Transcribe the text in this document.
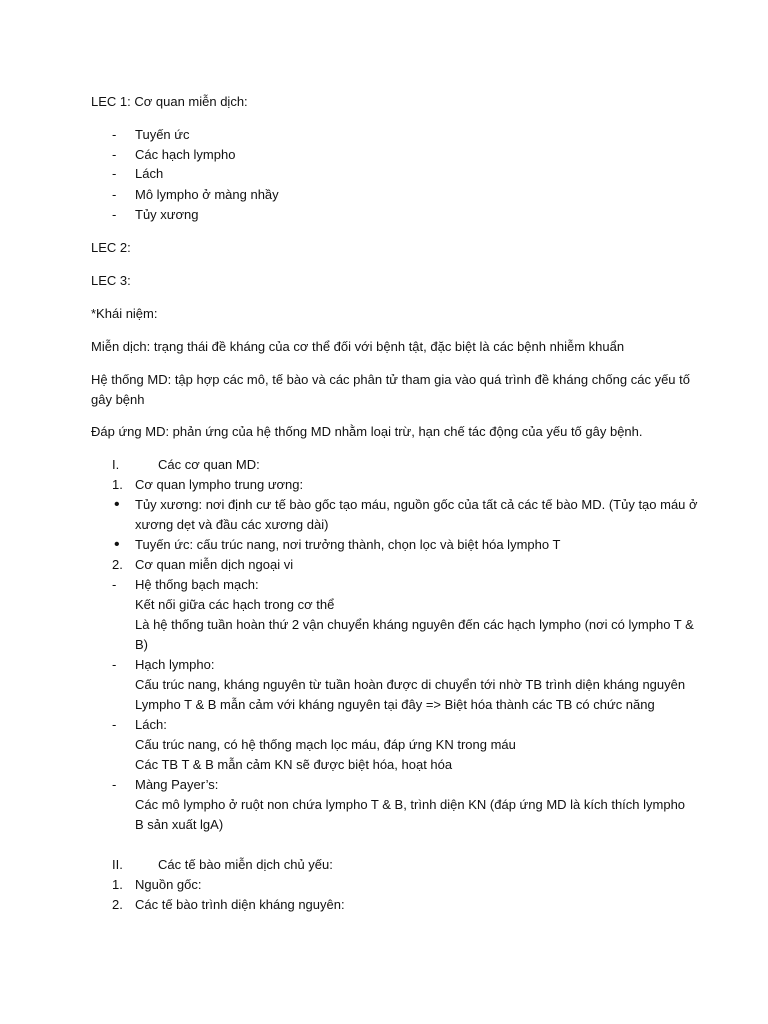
LEC 1: Cơ quan miễn dịch:

- Tuyến ức
- Các hạch lympho
- Lách
- Mô lympho ở màng nhầy
- Tủy xương

LEC 2:

LEC 3:

*Khái niệm:

Miễn dịch: trạng thái đề kháng của cơ thể đối với bệnh tật, đặc biệt là các bệnh nhiễm khuẩn

Hệ thống MD: tập hợp các mô, tế bào và các phân tử tham gia vào quá trình đề kháng chống các yếu tố
gây bệnh

Đáp ứng MD: phản ứng của hệ thống MD nhằm loại trừ, hạn chế tác động của yếu tố gây bệnh.

I.	Các cơ quan MD:
1. Cơ quan lympho trung ương:
• Tủy xương: nơi định cư tế bào gốc tạo máu, nguồn gốc của tất cả các tế bào MD. (Tủy tạo máu ở
xương dẹt và đầu các xương dài)
• Tuyến ức: cấu trúc nang, nơi trưởng thành, chọn lọc và biệt hóa lympho T
2. Cơ quan miễn dịch ngoại vi
- Hệ thống bạch mạch:
Kết nối giữa các hạch trong cơ thể
Là hệ thống tuần hoàn thứ 2 vận chuyển kháng nguyên đến các hạch lympho (nơi có lympho T &
B)
- Hạch lympho:
Cấu trúc nang, kháng nguyên từ tuần hoàn được di chuyển tới nhờ TB trình diện kháng nguyên
Lympho T & B mẫn cảm với kháng nguyên tại đây => Biệt hóa thành các TB có chức năng
- Lách:
Cấu trúc nang, có hệ thống mạch lọc máu, đáp ứng KN trong máu
Các TB T & B mẫn cảm KN sẽ được biệt hóa, hoạt hóa
- Màng Payer’s:
Các mô lympho ở ruột non chứa lympho T & B, trình diện KN (đáp ứng MD là kích thích lympho
B sản xuất lgA)
II.	Các tế bào miễn dịch chủ yếu:
1. Nguồn gốc:
2. Các tế bào trình diện kháng nguyên:
